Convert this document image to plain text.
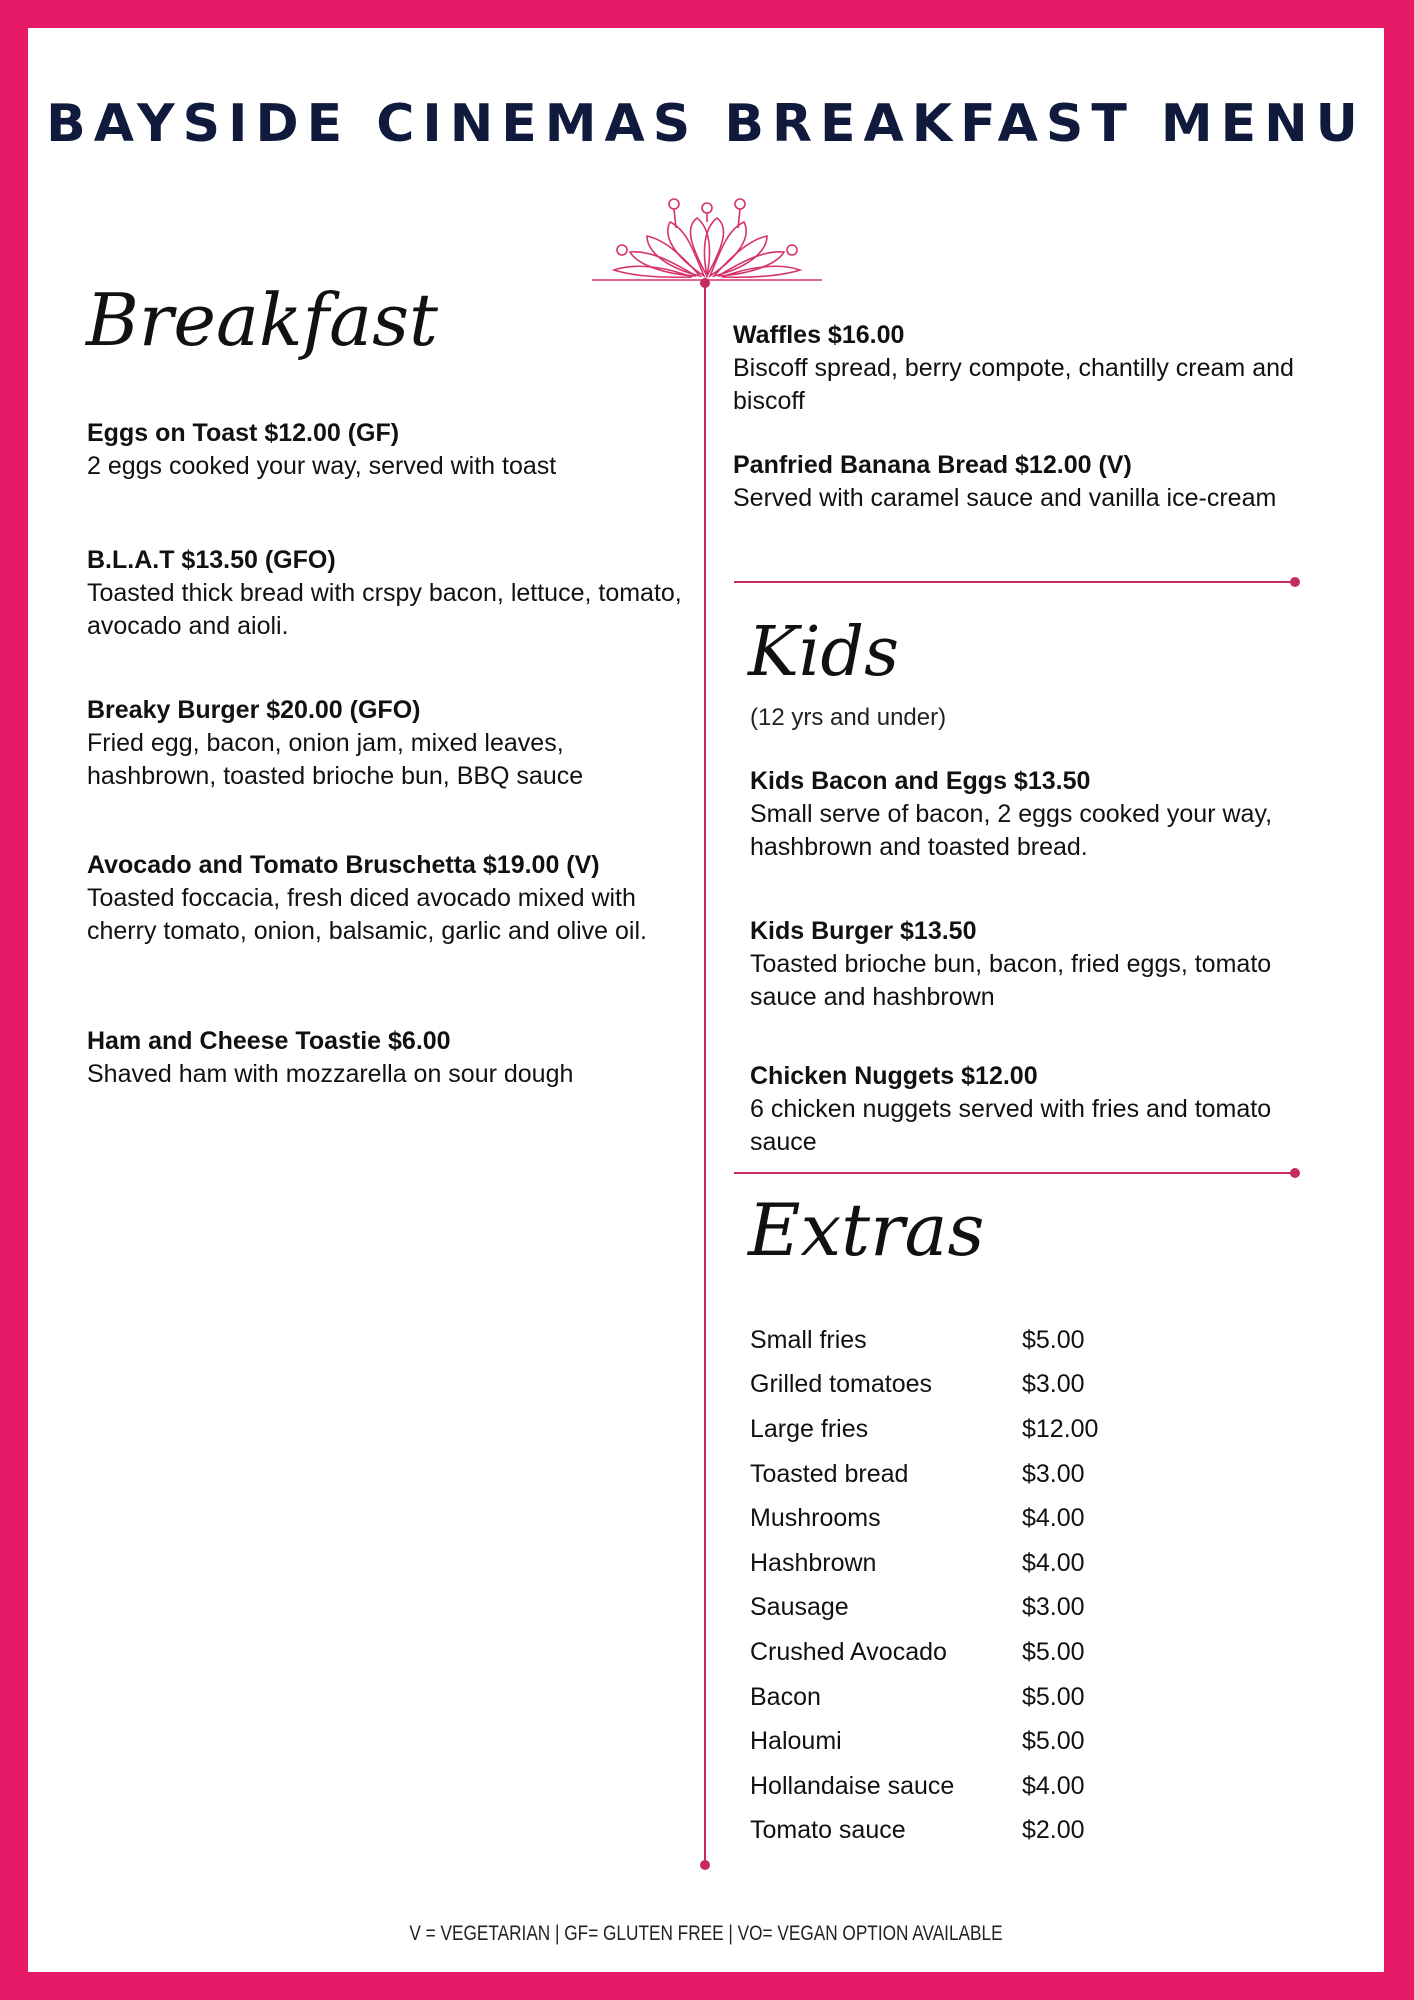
BAYSIDE CINEMAS BREAKFAST MENU
Breakfast
Eggs on Toast $12.00 (GF)
2 eggs cooked your way, served with toast
B.L.A.T $13.50 (GFO)
Toasted thick bread with crspy bacon, lettuce, tomato, avocado and aioli.
Breaky Burger $20.00 (GFO)
Fried egg, bacon, onion jam, mixed leaves, hashbrown, toasted brioche bun, BBQ sauce
Avocado and Tomato Bruschetta $19.00 (V)
Toasted foccacia, fresh diced avocado mixed with cherry tomato, onion, balsamic, garlic and olive oil.
Ham and Cheese Toastie $6.00
Shaved ham with mozzarella on sour dough
Waffles $16.00
Biscoff spread, berry compote, chantilly cream and biscoff
Panfried Banana Bread $12.00 (V)
Served with caramel sauce and vanilla ice-cream
Kids
(12 yrs and under)
Kids Bacon and Eggs $13.50
Small serve of bacon, 2 eggs cooked your way, hashbrown and toasted bread.
Kids Burger $13.50
Toasted brioche bun, bacon, fried eggs, tomato sauce and hashbrown
Chicken Nuggets $12.00
6 chicken nuggets served with fries and tomato sauce
Extras
Small fries	$5.00
Grilled tomatoes	$3.00
Large fries	$12.00
Toasted bread	$3.00
Mushrooms	$4.00
Hashbrown	$4.00
Sausage	$3.00
Crushed Avocado	$5.00
Bacon	$5.00
Haloumi	$5.00
Hollandaise sauce	$4.00
Tomato sauce	$2.00
V = VEGETARIAN | GF= GLUTEN FREE | VO= VEGAN OPTION AVAILABLE
